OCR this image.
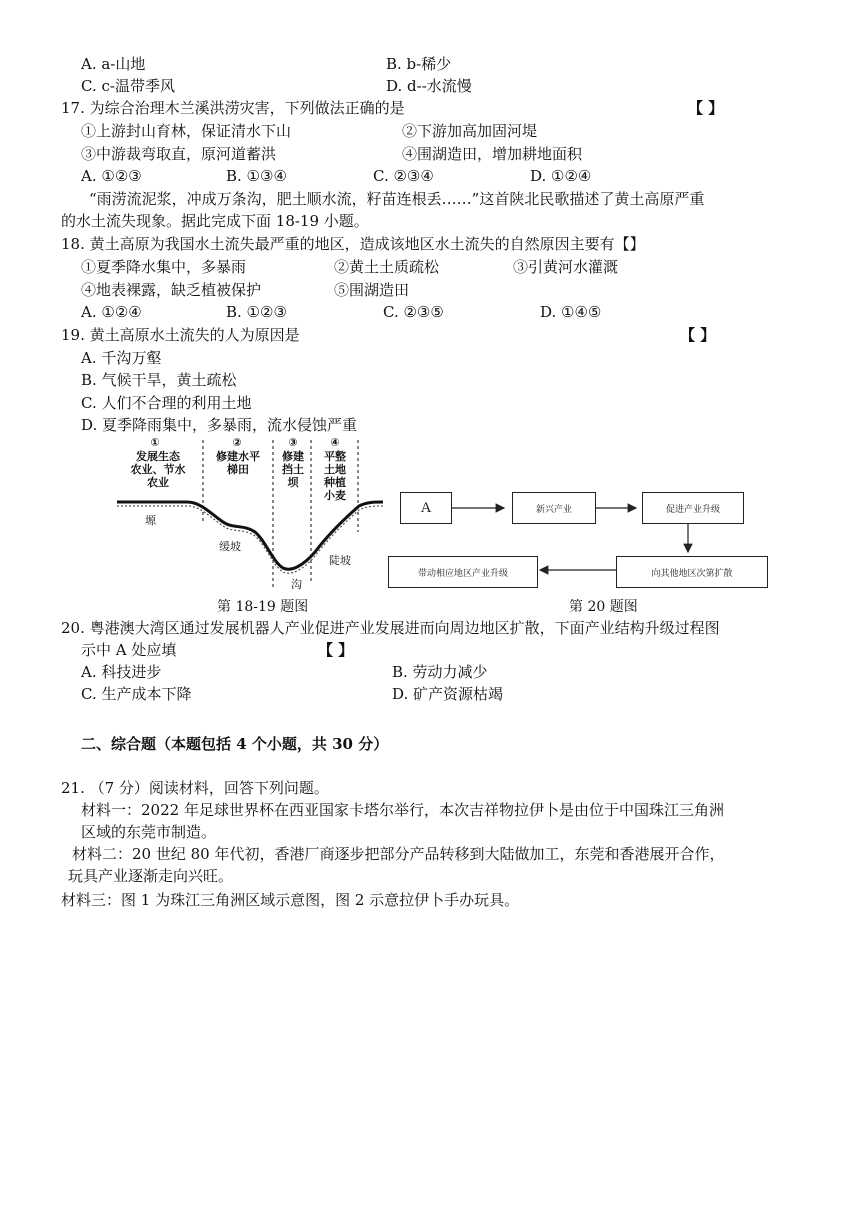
A. a-山地	B. b-稀少
C. c-温带季风	D. d--水流慢
17. 为综合治理木兰溪洪涝灾害，下列做法正确的是	【 】
①上游封山育林，保证清水下山	②下游加高加固河堤
③中游裁弯取直，原河道蓄洪	④围湖造田，增加耕地面积
A. ①②③	B. ①③④	C. ②③④	D. ①②④
“雨涝流泥浆，冲成万条沟，肥土顺水流，籽苗连根丢……”这首陕北民歌描述了黄土高原严重
的水土流失现象。据此完成下面 18-19 小题。
18. 黄土高原为我国水土流失最严重的地区，造成该地区水土流失的自然原因主要有【】
①夏季降水集中，多暴雨	②黄土土质疏松	③引黄河水灌溉
④地表裸露，缺乏植被保护	⑤围湖造田
A. ①②④	B. ①②③	C. ②③⑤	D. ①④⑤
19. 黄土高原水土流失的人为原因是	【 】
A. 千沟万壑
B. 气候干旱，黄土疏松
C. 人们不合理的利用土地
D. 夏季降雨集中，多暴雨，流水侵蚀严重
①
发展生态
农业、节水
农业
②
修建水平
梯田
③
修建
挡土
坝
④
平整
土地
种植
小麦
塬
缓坡
沟
陡坡
第 18-19 题图
A	新兴产业	促进产业升级
向其他地区次第扩散
带动相应地区产业升级
第 20 题图
20. 粤港澳大湾区通过发展机器人产业促进产业发展进而向周边地区扩散，下面产业结构升级过程图
示中 A 处应填	【 】
A. 科技进步	B. 劳动力减少
C. 生产成本下降	D. 矿产资源枯竭
二、综合题（本题包括 4 个小题，共 30 分）
21. （7 分）阅读材料，回答下列问题。
材料一：2022 年足球世界杯在西亚国家卡塔尔举行，本次吉祥物拉伊卜是由位于中国珠江三角洲
区域的东莞市制造。
材料二：20 世纪 80 年代初，香港厂商逐步把部分产品转移到大陆做加工，东莞和香港展开合作，
玩具产业逐渐走向兴旺。
材料三：图 1 为珠江三角洲区域示意图，图 2 示意拉伊卜手办玩具。
